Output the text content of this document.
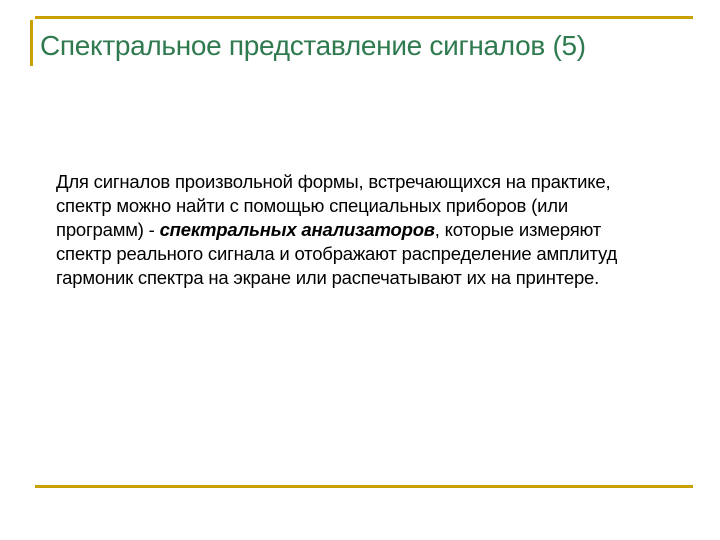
Спектральное представление сигналов (5)

Для сигналов произвольной формы, встречающихся на практике, спектр можно найти с помощью специальных приборов (или программ) - спектральных анализаторов, которые измеряют спектр реального сигнала и отображают распределение амплитуд гармоник спектра на экране или распечатывают их на принтере.
